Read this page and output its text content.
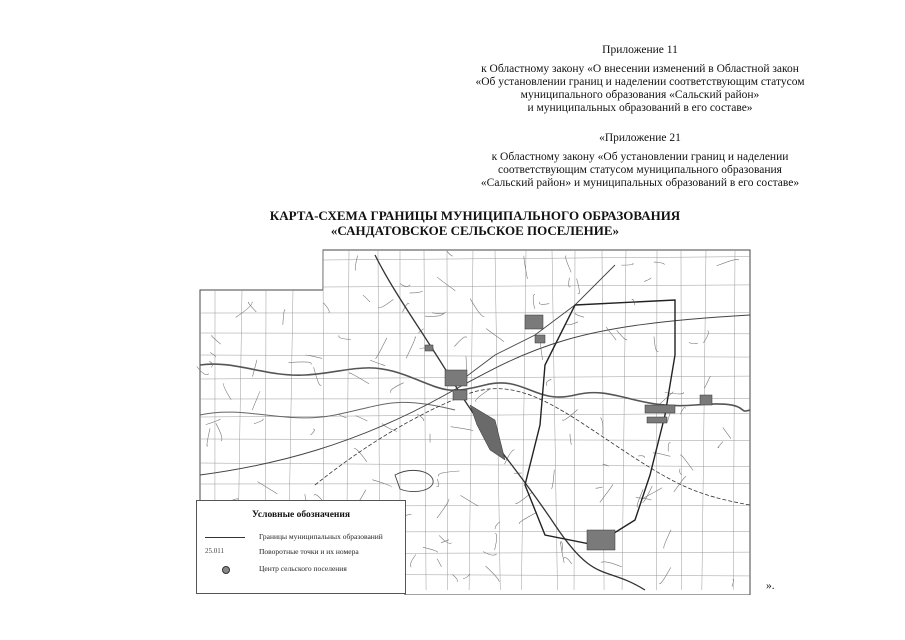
Приложение 11
к Областному закону «О внесении изменений в Областной закон
«Об установлении границ и наделении соответствующим статусом
муниципального образования «Сальский район»
и муниципальных образований в его составе»
«Приложение 21
к Областному закону «Об установлении границ и наделении
соответствующим статусом муниципального образования
«Сальский район» и муниципальных образований в его составе»
КАРТА-СХЕМА ГРАНИЦЫ МУНИЦИПАЛЬНОГО ОБРАЗОВАНИЯ
«САНДАТОВСКОЕ СЕЛЬСКОЕ ПОСЕЛЕНИЕ»
Условные обозначения
Границы муниципальных образований
25.011	Поворотные точки и их номера
Центр сельского поселения
».
